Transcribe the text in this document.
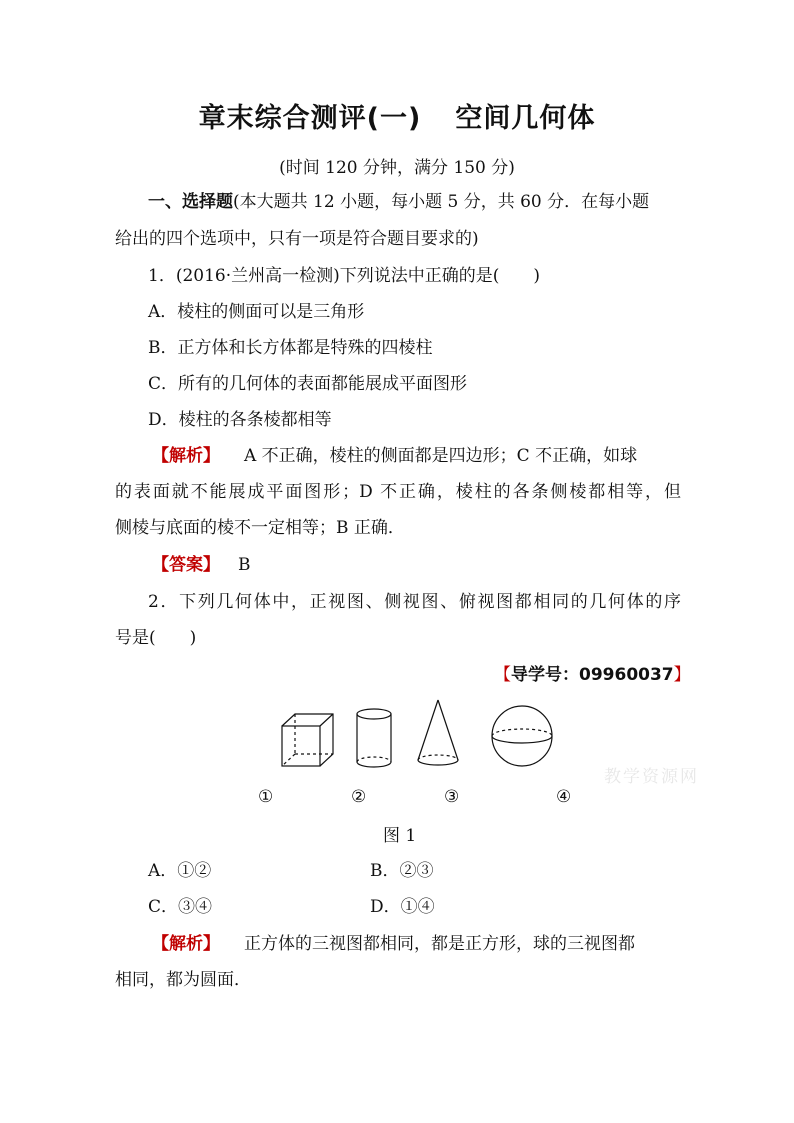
章末综合测评(一) 空间几何体
(时间 120 分钟，满分 150 分)
一、选择题(本大题共 12 小题，每小题 5 分，共 60 分．在每小题
给出的四个选项中，只有一项是符合题目要求的)
1．(2016·兰州高一检测)下列说法中正确的是(　　)
A．棱柱的侧面可以是三角形
B．正方体和长方体都是特殊的四棱柱
C．所有的几何体的表面都能展成平面图形
D．棱柱的各条棱都相等
【解析】 A 不正确，棱柱的侧面都是四边形；C 不正确，如球
的表面就不能展成平面图形；D 不正确，棱柱的各条侧棱都相等，但
侧棱与底面的棱不一定相等；B 正确．
【答案】 B
2．下列几何体中，正视图、侧视图、俯视图都相同的几何体的序
号是(　　)
【导学号：09960037】
①	②	③	④
教学资源网
图 1
A．①②	B．②③
C．③④	D．①④
【解析】 正方体的三视图都相同，都是正方形，球的三视图都
相同，都为圆面．
